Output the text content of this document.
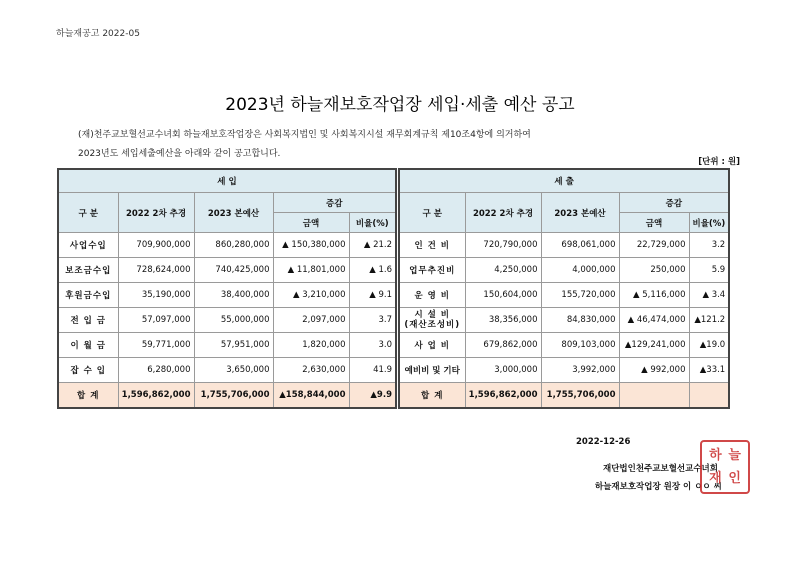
하늘재공고 2022-05
2023년 하늘재보호작업장 세입·세출 예산 공고
(재)천주교보혈선교수녀회 하늘재보호작업장은 사회복지법인 및 사회복지시설 재무회계규칙 제10조4항에 의거하여
2023년도 세입세출예산을 아래와 같이 공고합니다.
[단위 : 원]
세 입				
구 분	2022 2차 추경	2023 본예산	증감	
			금액	비율(%)
사업수입	709,900,000	860,280,000	▲ 150,380,000	▲ 21.2
보조금수입	728,624,000	740,425,000	▲ 11,801,000	▲ 1.6
후원금수입	35,190,000	38,400,000	▲ 3,210,000	▲ 9.1
전 입 금	57,097,000	55,000,000	2,097,000	3.7
이 월 금	59,771,000	57,951,000	1,820,000	3.0
잡 수 입	6,280,000	3,650,000	2,630,000	41.9
합 계	1,596,862,000	1,755,706,000	▲158,844,000	▲9.9
세 출				
구 분	2022 2차 추경	2023 본예산	증감	
			금액	비율(%)
인 건 비	720,790,000	698,061,000	22,729,000	3.2
업무추진비	4,250,000	4,000,000	250,000	5.9
운 영 비	150,604,000	155,720,000	▲ 5,116,000	▲ 3.4

시 설 비
(재산조성비)	38,356,000	84,830,000	▲ 46,474,000	▲121.2
사 업 비	679,862,000	809,103,000	▲129,241,000	▲19.0
예비비 및 기타	3,000,000	3,992,000	▲ 992,000	▲33.1
합 계	1,596,862,000	1,755,706,000		
2022-12-26
재단법인천주교보혈선교수녀회
하늘재보호작업장 원장 이 ㅇㅇ 씨
하 늘
재 인
